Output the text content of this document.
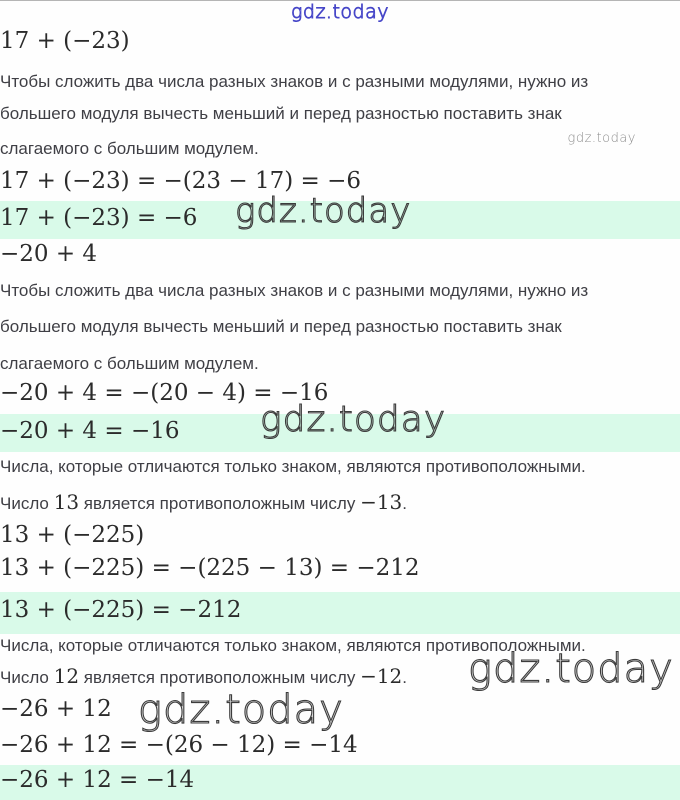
gdz.today
gdz.today
gdz.today
gdz.today
17 + (−23)
Чтобы сложить два числа разных знаков и с разными модулями, нужно из
большего модуля вычесть меньший и перед разностью поставить знак
слагаемого с большим модулем.
17 + (−23) = −(23 − 17) = −6
17 + (−23) = −6
−20 + 4
Чтобы сложить два числа разных знаков и с разными модулями, нужно из
большего модуля вычесть меньший и перед разностью поставить знак
слагаемого с большим модулем.
−20 + 4 = −(20 − 4) = −16
−20 + 4 = −16
Числа, которые отличаются только знаком, являются противоположными.
Число 13 является противоположным числу −13.
13 + (−225)
13 + (−225) = −(225 − 13) = −212
13 + (−225) = −212
Числа, которые отличаются только знаком, являются противоположными.
Число 12 является противоположным числу −12.
−26 + 12
−26 + 12 = −(26 − 12) = −14
−26 + 12 = −14
